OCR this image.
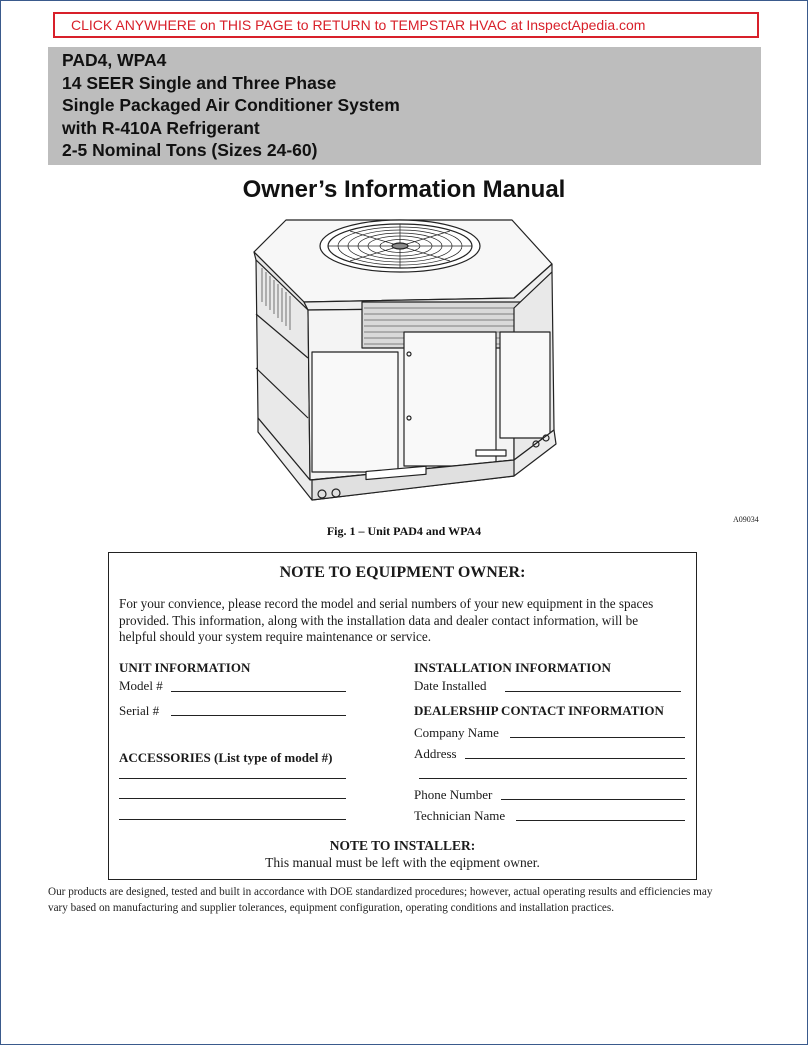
CLICK ANYWHERE on THIS PAGE to RETURN to TEMPSTAR HVAC at InspectApedia.com
PAD4, WPA4
14 SEER Single and Three Phase
Single Packaged Air Conditioner System
with R-410A Refrigerant
2-5 Nominal Tons (Sizes 24-60)
Owner’s Information Manual
A09034
Fig. 1 – Unit PAD4 and WPA4
NOTE TO EQUIPMENT OWNER:
For your convience, please record the model and serial numbers of your new equipment in the spaces
provided. This information, along with the installation data and dealer contact information, will be
helpful should your system require maintenance or service.
UNIT INFORMATION
Model #
Serial #
ACCESSORIES (List type of model #)
INSTALLATION INFORMATION
Date Installed
DEALERSHIP CONTACT INFORMATION
Company Name
Address
Phone Number
Technician Name
NOTE TO INSTALLER:
This manual must be left with the eqipment owner.
Our products are designed, tested and built in accordance with DOE standardized procedures; however, actual operating results and efficiencies may
vary based on manufacturing and supplier tolerances, equipment configuration, operating conditions and installation practices.
